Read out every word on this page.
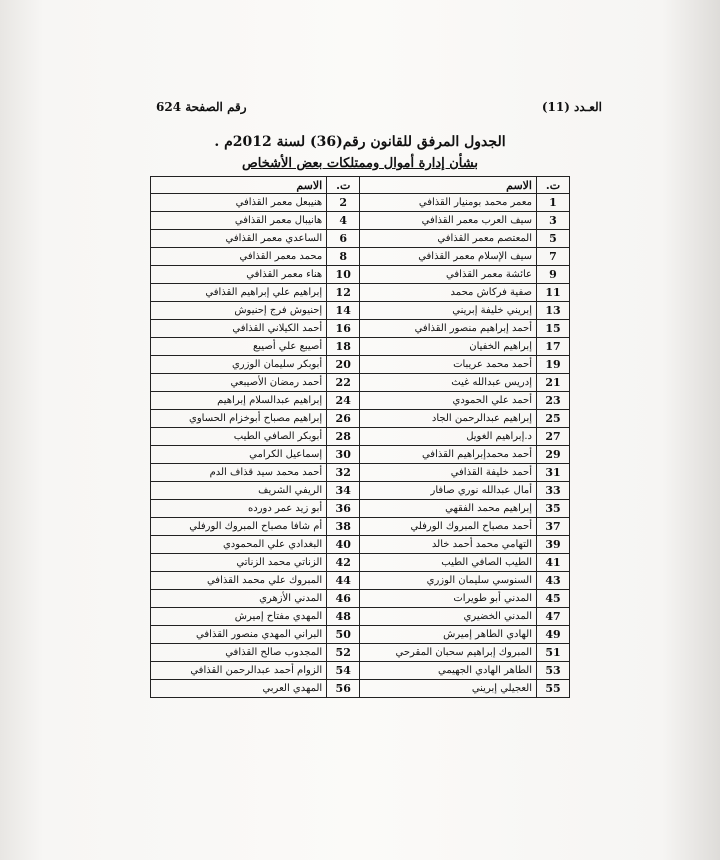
العـدد (11)
رقم الصفحة 624
الجدول المرفق للقانون رقم(36) لسنة 2012م .
بشأن إدارة أموال وممتلكات بعض الأشخاص
ت.	الاسم	ت.	الاسم
1	معمر محمد بومنيار القذافي	2	هنيبعل معمر القذافي
3	سيف العرب معمر القذافي	4	هانيبال معمر القذافي
5	المعتصم معمر القذافي	6	الساعدي معمر القذافي
7	سيف الإسلام معمر القذافي	8	محمد معمر القذافي
9	عائشة معمر القذافي	10	هناء معمر القذافي
11	صفية فركاش محمد	12	إبراهيم علي إبراهيم القذافي
13	إبريني خليفة إبريني	14	إحنيوش فرج إحنيوش
15	أحمد إبراهيم منصور القذافي	16	أحمد الكيلاني القذافي
17	إبراهيم الخفيان	18	أصيبع علي أصيبع
19	أحمد محمد عريبات	20	أبوبكر سليمان الوزري
21	إدريس عبدالله غيث	22	أحمد رمضان الأصيبعي
23	أحمد علي الحمودي	24	إبراهيم عبدالسلام إبراهيم
25	إبراهيم عبدالرحمن الجاد	26	إبراهيم مصباح أبوخزام الحساوي
27	د.إبراهيم الغويل	28	أبوبكر الصافي الطيب
29	أحمد محمدإبراهيم القذافي	30	إسماعيل الكرامي
31	أحمد خليفة القذافي	32	أحمد محمد سيد قذاف الدم
33	أمال عبدالله نوري صافار	34	الريفي الشريف
35	إبراهيم محمد الفقهي	36	أبو زيد عمر دورده
37	أحمد مصباح المبروك الورفلي	38	أم شافا مصباح المبروك الورفلي
39	التهامي محمد أحمد خالد	40	البغدادي علي المحمودي
41	الطيب الصافي الطيب	42	الزناتي محمد الزناتي
43	السنوسي سليمان الوزري	44	المبروك علي محمد القذافي
45	المدني أبو طويرات	46	المدني الأزهري
47	المدني الخضيري	48	المهدي مفتاح إميرش
49	الهادي الطاهر إميرش	50	البراني المهدي منصور القذافي
51	المبروك إبراهيم سحبان المقرحي	52	المجدوب صالح القذافي
53	الطاهر الهادي الجهيمي	54	الزوام أحمد عبدالرحمن القذافي
55	العجيلي إبريني	56	المهدي العربي
